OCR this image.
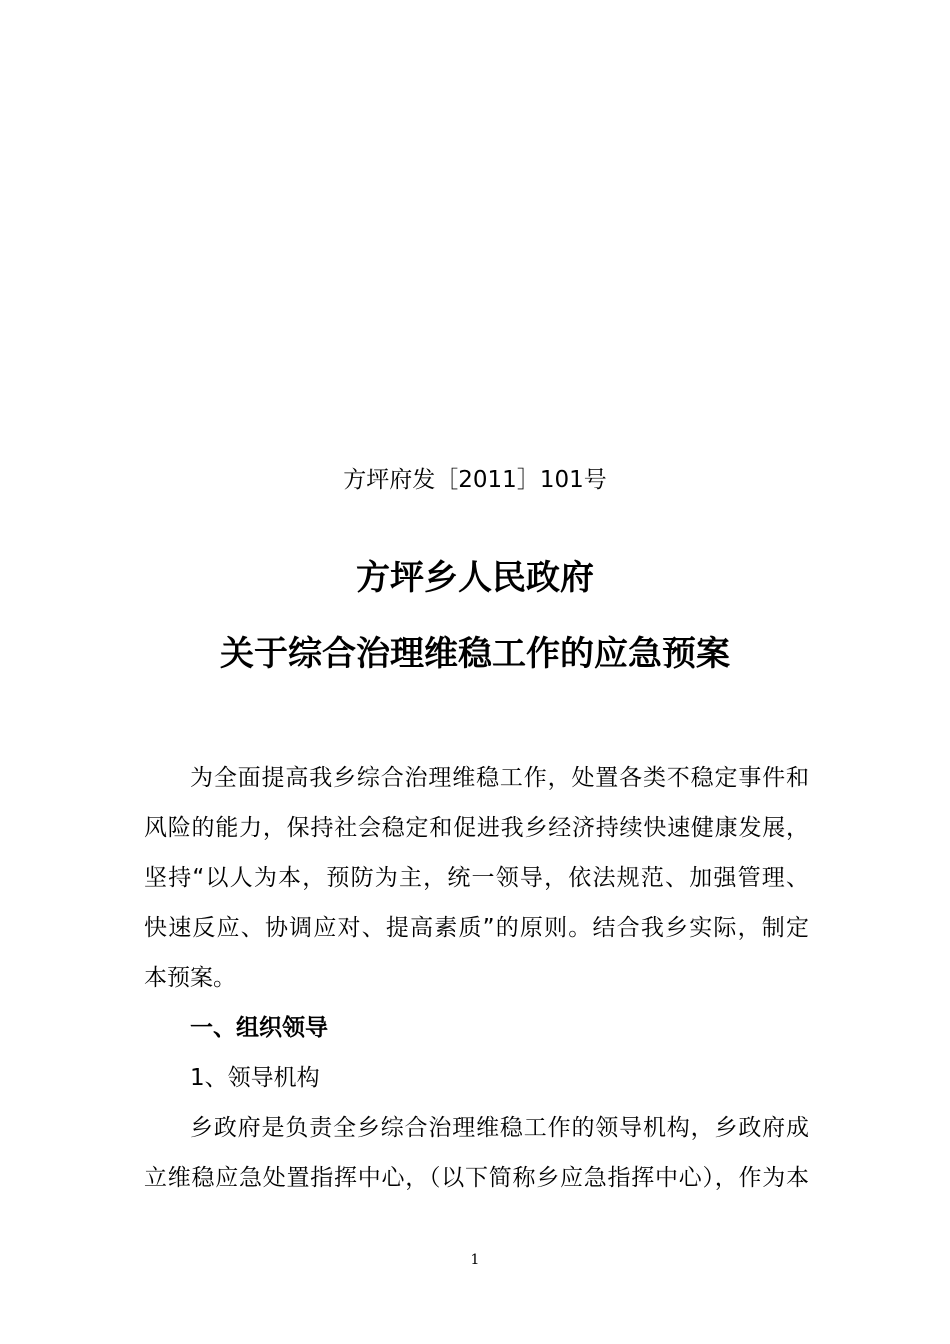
方坪府发［2011］101号
方坪乡人民政府
关于综合治理维稳工作的应急预案
为全面提高我乡综合治理维稳工作，处置各类不稳定事件和
风险的能力，保持社会稳定和促进我乡经济持续快速健康发展，
坚持“以人为本，预防为主，统一领导，依法规范、加强管理、
快速反应、协调应对、提高素质”的原则。结合我乡实际，制定
本预案。
一、组织领导
1、领导机构
乡政府是负责全乡综合治理维稳工作的领导机构，乡政府成
立维稳应急处置指挥中心，（以下简称乡应急指挥中心），作为本
1
